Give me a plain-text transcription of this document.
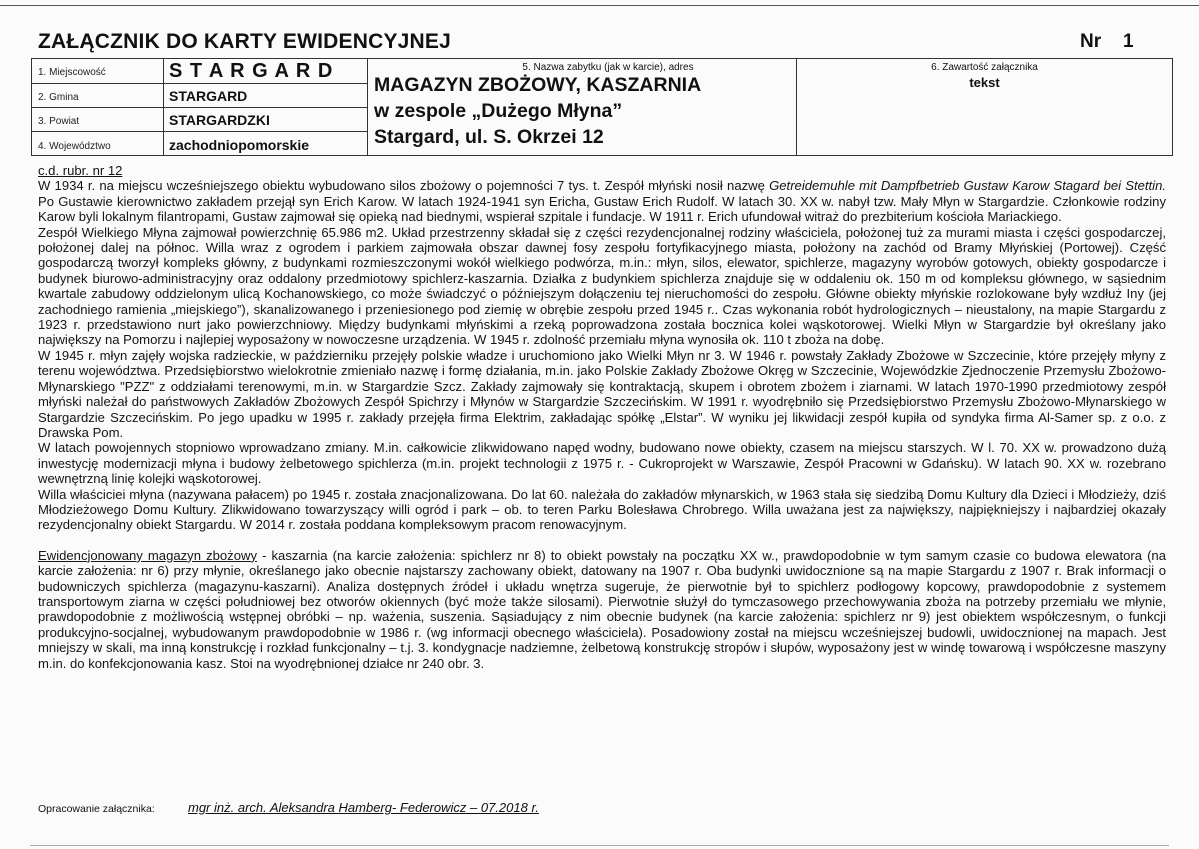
ZAŁĄCZNIK DO KARTY EWIDENCYJNEJ	Nr 1
1. Miejscowość	S T A R G A R D
2. Gmina	STARGARD
3. Powiat	STARGARDZKI
4. Województwo	zachodniopomorskie
5. Nazwa zabytku (jak w karcie), adres
MAGAZYN ZBOŻOWY, KASZARNIA
w zespole „Dużego Młyna”
Stargard, ul. S. Okrzei 12
6. Zawartość załącznika
tekst

c.d. rubr. nr 12

W 1934 r. na miejscu wcześniejszego obiektu wybudowano silos zbożowy o pojemności 7 tys. t. Zespół młyński nosił nazwę Getreidemuhle mit Dampfbetrieb Gustaw Karow Stagard bei Stettin. Po Gustawie kierownictwo zakładem przejął syn Erich Karow. W latach 1924-1941 syn Ericha, Gustaw Erich Rudolf. W latach 30. XX w. nabył tzw. Mały Młyn w Stargardzie. Członkowie rodziny Karow byli lokalnym filantropami, Gustaw zajmował się opieką nad biednymi, wspierał szpitale i fundacje. W 1911 r. Erich ufundował witraż do prezbiterium kościoła Mariackiego.

Zespół Wielkiego Młyna zajmował powierzchnię 65.986 m2. Układ przestrzenny składał się z części rezydencjonalnej rodziny właściciela, położonej tuż za murami miasta i części gospodarczej, położonej dalej na północ. Willa wraz z ogrodem i parkiem zajmowała obszar dawnej fosy zespołu fortyfikacyjnego miasta, położony na zachód od Bramy Młyńskiej (Portowej). Część gospodarczą tworzył kompleks główny, z budynkami rozmieszczonymi wokół wielkiego podwórza, m.in.: młyn, silos, elewator, spichlerze, magazyny wyrobów gotowych, obiekty gospodarcze i budynek biurowo-administracyjny oraz oddalony przedmiotowy spichlerz-kaszarnia. Działka z budynkiem spichlerza znajduje się w oddaleniu ok. 150 m od kompleksu głównego, w sąsiednim kwartale zabudowy oddzielonym ulicą Kochanowskiego, co może świadczyć o późniejszym dołączeniu tej nieruchomości do zespołu. Główne obiekty młyńskie rozlokowane były wzdłuż Iny (jej zachodniego ramienia „miejskiego”), skanalizowanego i przeniesionego pod ziemię w obrębie zespołu przed 1945 r.. Czas wykonania robót hydrologicznych – nieustalony, na mapie Stargardu z 1923 r. przedstawiono nurt jako powierzchniowy. Między budynkami młyńskimi a rzeką poprowadzona została bocznica kolei wąskotorowej. Wielki Młyn w Stargardzie był określany jako największy na Pomorzu i najlepiej wyposażony w nowoczesne urządzenia. W 1945 r. zdolność przemiału młyna wynosiła ok. 110 t zboża na dobę.

W 1945 r. młyn zajęły wojska radzieckie, w październiku przejęły polskie władze i uruchomiono jako Wielki Młyn nr 3. W 1946 r. powstały Zakłady Zbożowe w Szczecinie, które przejęły młyny z terenu województwa. Przedsiębiorstwo wielokrotnie zmieniało nazwę i formę działania, m.in. jako Polskie Zakłady Zbożowe Okręg w Szczecinie, Wojewódzkie Zjednoczenie Przemysłu Zbożowo-Młynarskiego "PZZ" z oddziałami terenowymi, m.in. w Stargardzie Szcz. Zakłady zajmowały się kontraktacją, skupem i obrotem zbożem i ziarnami. W latach 1970-1990 przedmiotowy zespół młyński należał do państwowych Zakładów Zbożowych Zespół Spichrzy i Młynów w Stargardzie Szczecińskim. W 1991 r. wyodrębniło się Przedsiębiorstwo Przemysłu Zbożowo-Młynarskiego w Stargardzie Szczecińskim. Po jego upadku w 1995 r. zakłady przejęła firma Elektrim, zakładając spółkę „Elstar”. W wyniku jej likwidacji zespół kupiła od syndyka firma Al-Samer sp. z o.o. z Drawska Pom.

W latach powojennych stopniowo wprowadzano zmiany. M.in. całkowicie zlikwidowano napęd wodny, budowano nowe obiekty, czasem na miejscu starszych. W l. 70. XX w. prowadzono dużą inwestycję modernizacji młyna i budowy żelbetowego spichlerza (m.in. projekt technologii z 1975 r. - Cukroprojekt w Warszawie, Zespół Pracowni w Gdańsku). W latach 90. XX w. rozebrano wewnętrzną linię kolejki wąskotorowej.

Willa właściciei młyna (nazywana pałacem) po 1945 r. została znacjonalizowana. Do lat 60. należała do zakładów młynarskich, w 1963 stała się siedzibą Domu Kultury dla Dzieci i Młodzieży, dziś Młodzieżowego Domu Kultury. Zlikwidowano towarzyszący willi ogród i park – ob. to teren Parku Bolesława Chrobrego. Willa uważana jest za największy, najpiękniejszy i najbardziej okazały rezydencjonalny obiekt Stargardu. W 2014 r. została poddana kompleksowym pracom renowacyjnym.

Ewidencjonowany magazyn zbożowy - kaszarnia (na karcie założenia: spichlerz nr 8) to obiekt powstały na początku XX w., prawdopodobnie w tym samym czasie co budowa elewatora (na karcie założenia: nr 6) przy młynie, określanego jako obecnie najstarszy zachowany obiekt, datowany na 1907 r. Oba budynki uwidocznione są na mapie Stargardu z 1907 r. Brak informacji o budowniczych spichlerza (magazynu-kaszarni). Analiza dostępnych źródeł i układu wnętrza sugeruje, że pierwotnie był to spichlerz podłogowy kopcowy, prawdopodobnie z systemem transportowym ziarna w części południowej bez otworów okiennych (być może także silosami). Pierwotnie służył do tymczasowego przechowywania zboża na potrzeby przemiału we młynie, prawdopodobnie z możliwością wstępnej obróbki – np. ważenia, suszenia. Sąsiadujący z nim obecnie budynek (na karcie założenia: spichlerz nr 9) jest obiektem współczesnym, o funkcji produkcyjno-socjalnej, wybudowanym prawdopodobnie w 1986 r. (wg informacji obecnego właściciela). Posadowiony został na miejscu wcześniejszej budowli, uwidocznionej na mapach. Jest mniejszy w skali, ma inną konstrukcję i rozkład funkcjonalny – t.j. 3. kondygnacje nadziemne, żelbetową konstrukcję stropów i słupów, wyposażony jest w windę towarową i współczesne maszyny m.in. do konfekcjonowania kasz. Stoi na wyodrębnionej działce nr 240 obr. 3.

Opracowanie załącznika:	mgr inż. arch. Aleksandra Hamberg- Federowicz – 07.2018 r.
